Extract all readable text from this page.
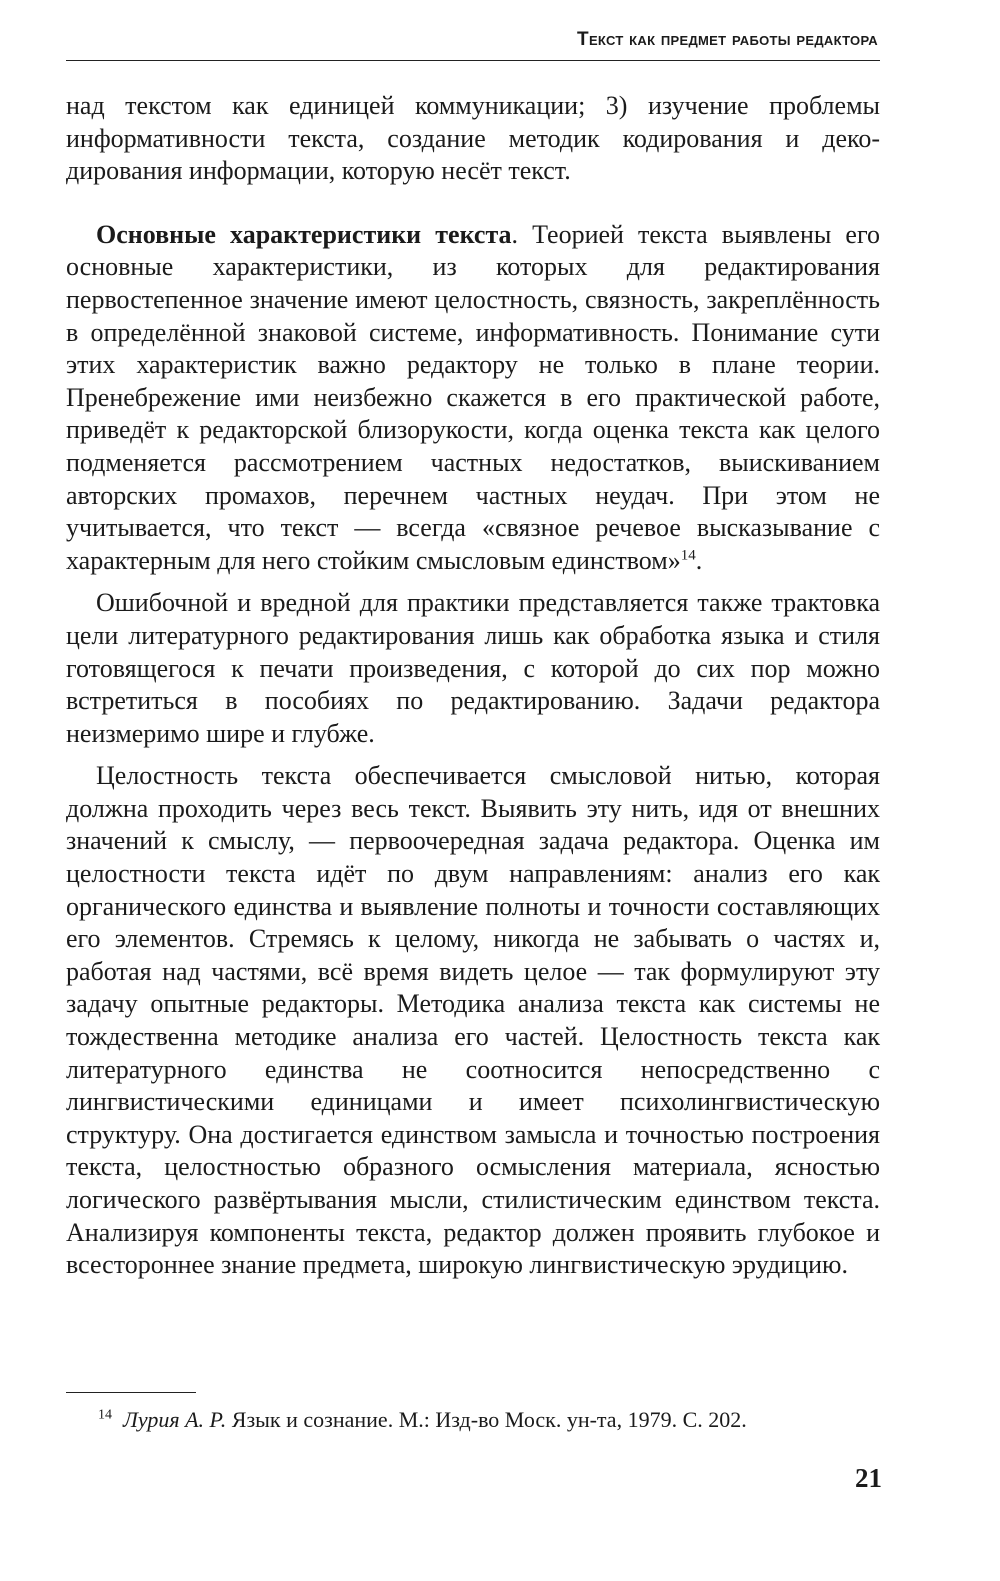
Текст как предмет работы редактора

над текстом как единицей коммуникации; 3) изучение проблемы информативности текста, создание методик кодирования и декодирования информации, которую несёт текст.

Основные характеристики текста. Теорией текста выявлены его основные характеристики, из которых для редактирования первостепенное значение имеют целостность, связность, закреплённость в определённой знаковой системе, информативность. Понимание сути этих характеристик важно редактору не только в плане теории. Пренебрежение ими неизбежно скажется в его практической работе, приведёт к редакторской близорукости, когда оценка текста как целого подменяется рассмотрением частных недостатков, выискиванием авторских промахов, перечнем частных неудач. При этом не учитывается, что текст — всегда «связное речевое высказывание с характерным для него стойким смысловым единством»$^{14}$.

Ошибочной и вредной для практики представляется также трактовка цели литературного редактирования лишь как обработка языка и стиля готовящегося к печати произведения, с которой до сих пор можно встретиться в пособиях по редактированию. Задачи редактора неизмеримо шире и глубже.

Целостность текста обеспечивается смысловой нитью, которая должна проходить через весь текст. Выявить эту нить, идя от внешних значений к смыслу, — первоочередная задача редактора. Оценка им целостности текста идёт по двум направлениям: анализ его как органического единства и выявление полноты и точности составляющих его элементов. Стремясь к целому, никогда не забывать о частях и, работая над частями, всё время видеть целое — так формулируют эту задачу опытные редакторы. Методика анализа текста как системы не тождественна методике анализа его частей. Целостность текста как литературного единства не соотносится непосредственно с лингвистическими единицами и имеет психолингвистическую структуру. Она достигается единством замысла и точностью построения текста, целостностью образного осмысления материала, ясностью логического развёртывания мысли, стилистическим единством текста. Анализируя компоненты текста, редактор должен проявить глубокое и всестороннее знание предмета, широкую лингвистическую эрудицию.

$^{14}$ Лурия А. Р. Язык и сознание. М.: Изд-во Моск. ун-та, 1979. С. 202.
21
